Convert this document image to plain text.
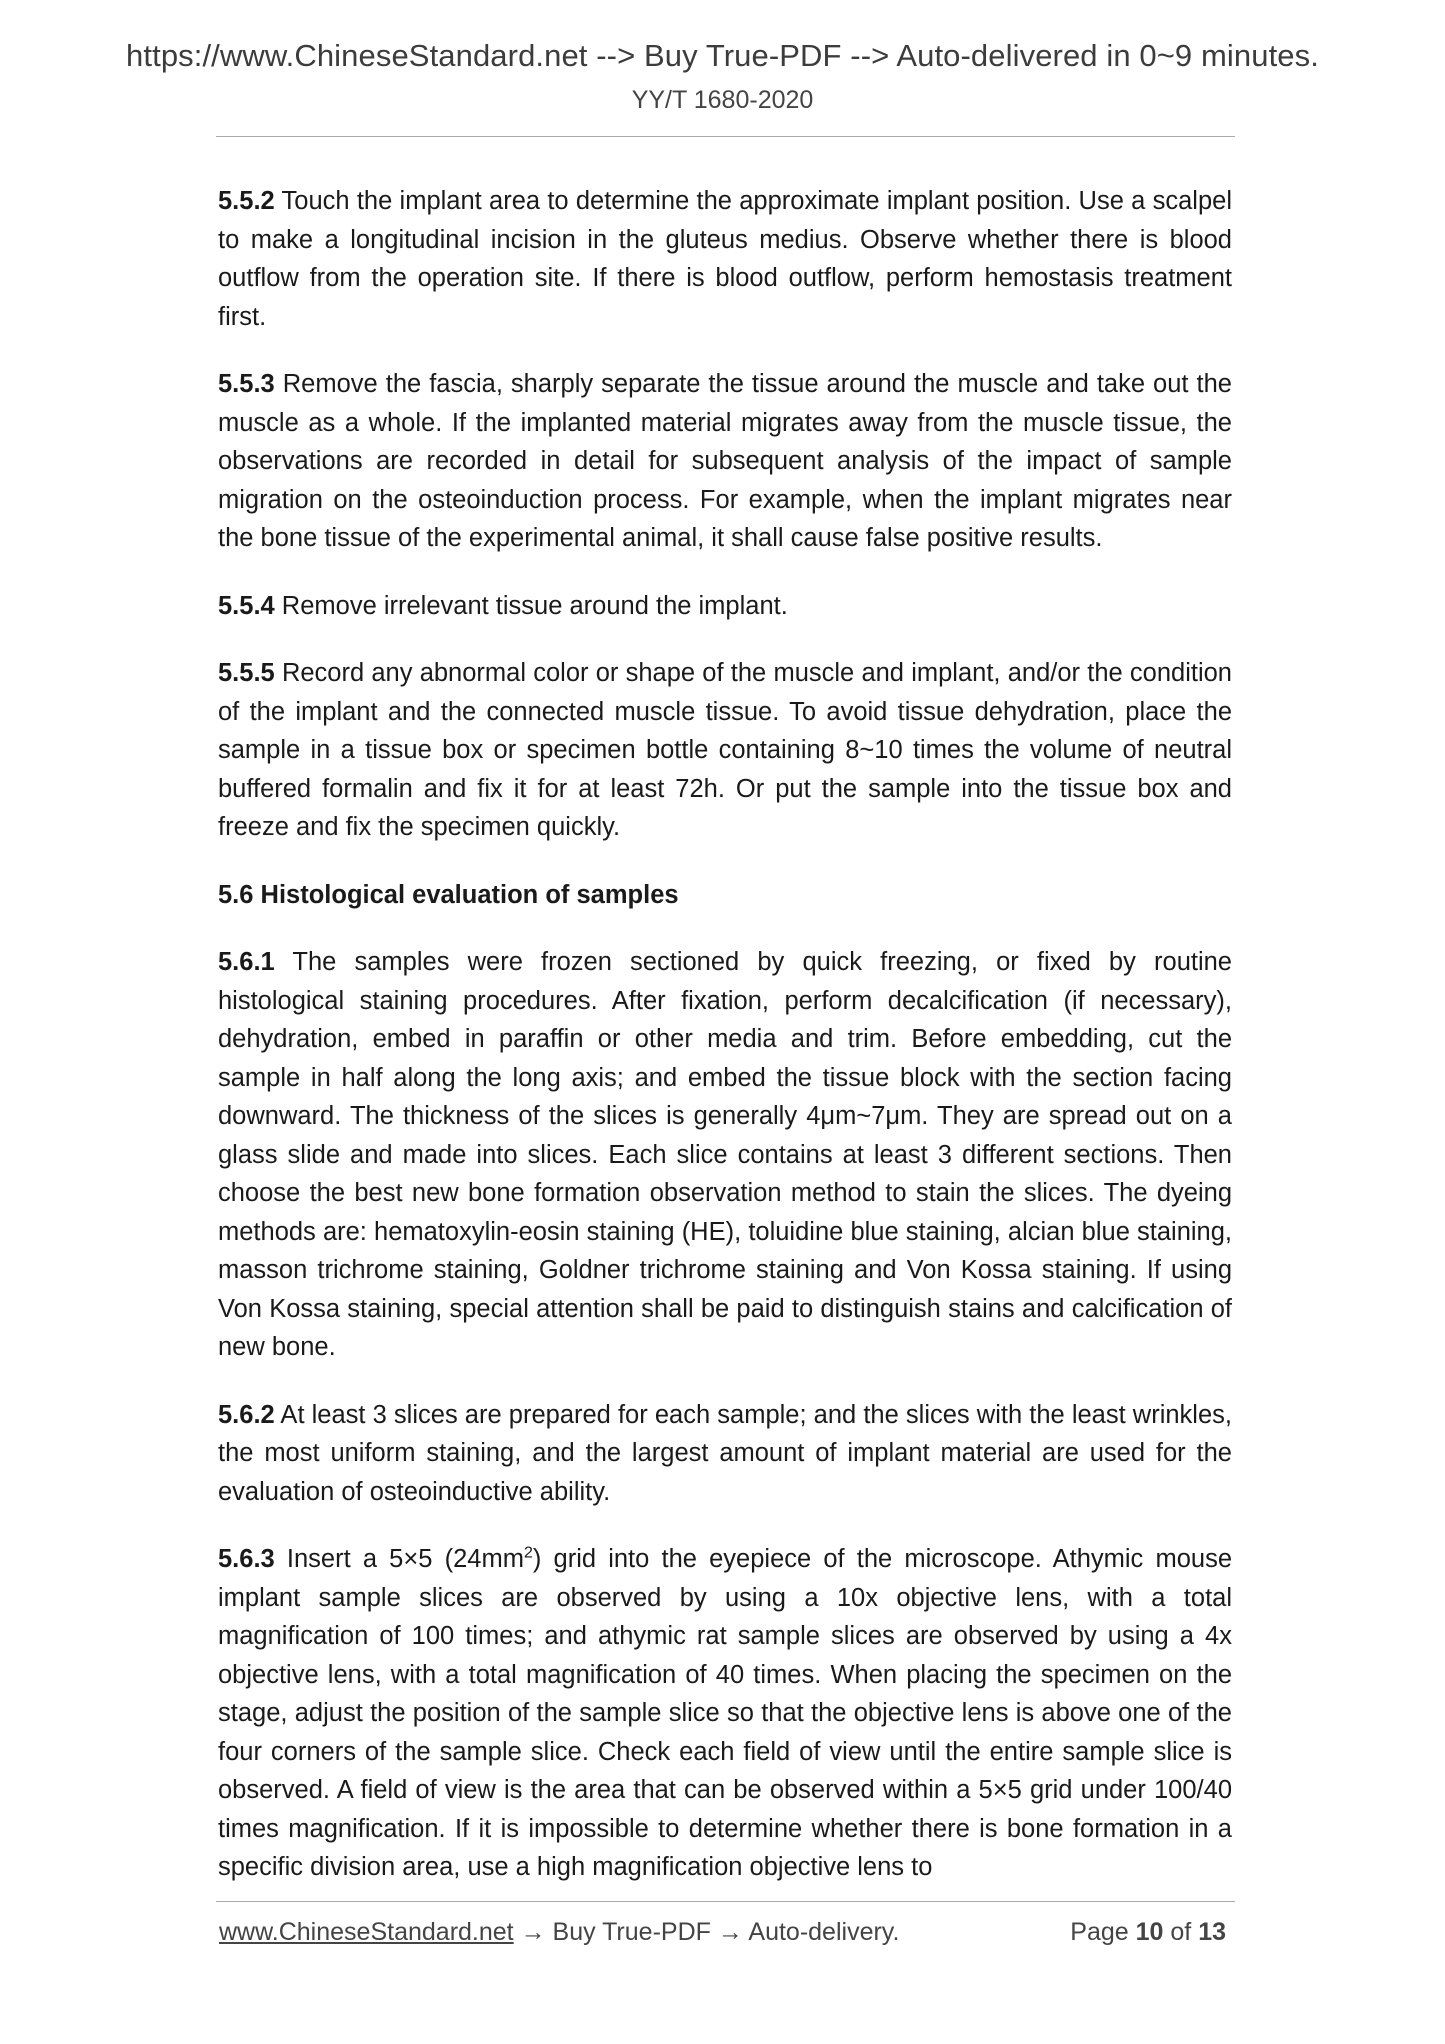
https://www.ChineseStandard.net --> Buy True-PDF --> Auto-delivered in 0~9 minutes.
YY/T 1680-2020

5.5.2 Touch the implant area to determine the approximate implant position. Use a scalpel to make a longitudinal incision in the gluteus medius. Observe whether there is blood outflow from the operation site. If there is blood outflow, perform hemostasis treatment first.

5.5.3 Remove the fascia, sharply separate the tissue around the muscle and take out the muscle as a whole. If the implanted material migrates away from the muscle tissue, the observations are recorded in detail for subsequent analysis of the impact of sample migration on the osteoinduction process. For example, when the implant migrates near the bone tissue of the experimental animal, it shall cause false positive results.

5.5.4 Remove irrelevant tissue around the implant.

5.5.5 Record any abnormal color or shape of the muscle and implant, and/or the condition of the implant and the connected muscle tissue. To avoid tissue dehydration, place the sample in a tissue box or specimen bottle containing 8~10 times the volume of neutral buffered formalin and fix it for at least 72h. Or put the sample into the tissue box and freeze and fix the specimen quickly.

5.6 Histological evaluation of samples

5.6.1 The samples were frozen sectioned by quick freezing, or fixed by routine histological staining procedures. After fixation, perform decalcification (if necessary), dehydration, embed in paraffin or other media and trim. Before embedding, cut the sample in half along the long axis; and embed the tissue block with the section facing downward. The thickness of the slices is generally 4μm~7μm. They are spread out on a glass slide and made into slices. Each slice contains at least 3 different sections. Then choose the best new bone formation observation method to stain the slices. The dyeing methods are: hematoxylin-eosin staining (HE), toluidine blue staining, alcian blue staining, masson trichrome staining, Goldner trichrome staining and Von Kossa staining. If using Von Kossa staining, special attention shall be paid to distinguish stains and calcification of new bone.

5.6.2 At least 3 slices are prepared for each sample; and the slices with the least wrinkles, the most uniform staining, and the largest amount of implant material are used for the evaluation of osteoinductive ability.

5.6.3 Insert a 5×5 $(24mm^2)$ grid into the eyepiece of the microscope. Athymic mouse implant sample slices are observed by using a 10x objective lens, with a total magnification of 100 times; and athymic rat sample slices are observed by using a 4x objective lens, with a total magnification of 40 times. When placing the specimen on the stage, adjust the position of the sample slice so that the objective lens is above one of the four corners of the sample slice. Check each field of view until the entire sample slice is observed. A field of view is the area that can be observed within a 5×5 grid under 100/40 times magnification. If it is impossible to determine whether there is bone formation in a specific division area, use a high magnification objective lens to

www.ChineseStandard.net → Buy True-PDF → Auto-delivery.	Page 10 of 13
